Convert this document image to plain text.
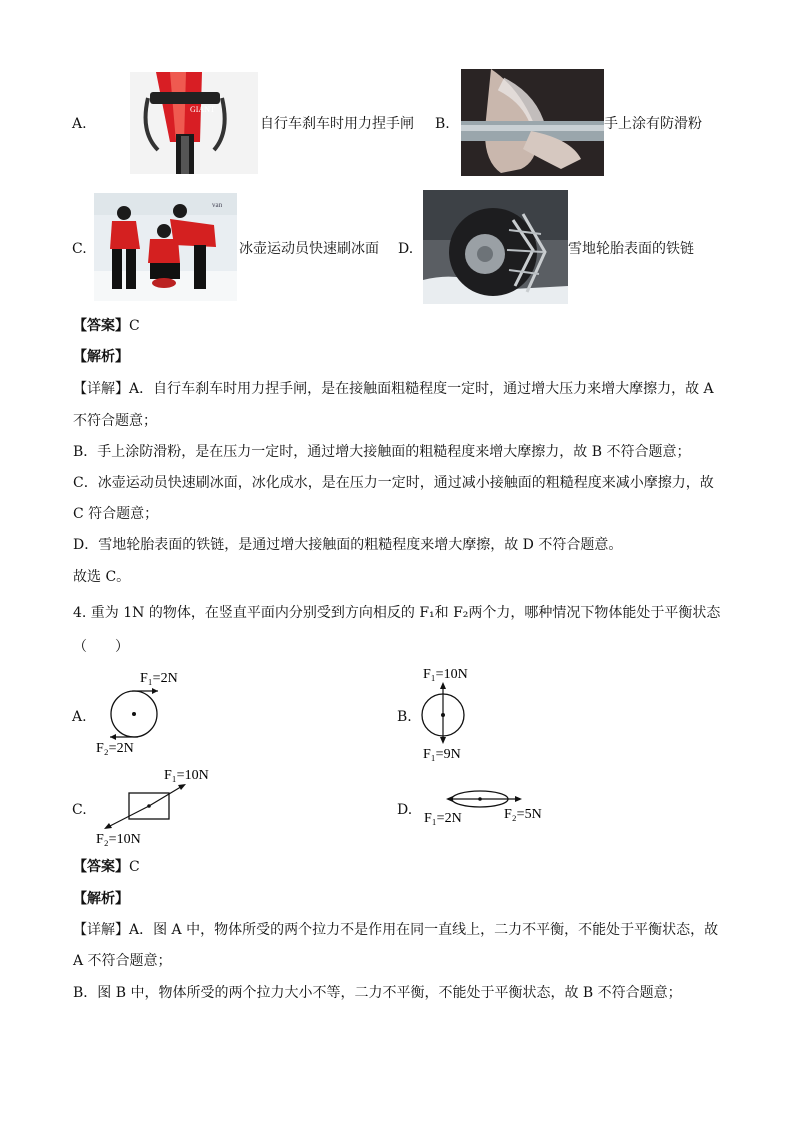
A.
GIANT
自行车刹车时用力捏手闸 B.	手上涂有防滑粉
C.
van
冰壶运动员快速刷冰面 D.	雪地轮胎表面的铁链
【答案】C
【解析】
【详解】A．自行车刹车时用力捏手闸，是在接触面粗糙程度一定时，通过增大压力来增大摩擦力，故 A
不符合题意；
B．手上涂防滑粉，是在压力一定时，通过增大接触面的粗糙程度来增大摩擦力，故 B 不符合题意；
C．冰壶运动员快速刷冰面，冰化成水，是在压力一定时，通过减小接触面的粗糙程度来减小摩擦力，故
C 符合题意；
D．雪地轮胎表面的铁链，是通过增大接触面的粗糙程度来增大摩擦，故 D 不符合题意。
故选 C。
4. 重为 1N 的物体，在竖直平面内分别受到方向相反的 F₁和 F₂两个力，哪种情况下物体能处于平衡状态
（　　）
A.
F₁=2N
F₂=2N
B.
F₁=10N
F₁=9N
C.
F₁=10N
F₂=10N
D.
F₁=2N	F₂=5N
【答案】C
【解析】
【详解】A．图 A 中，物体所受的两个拉力不是作用在同一直线上，二力不平衡，不能处于平衡状态，故
A 不符合题意；
B．图 B 中，物体所受的两个拉力大小不等，二力不平衡，不能处于平衡状态，故 B 不符合题意；
